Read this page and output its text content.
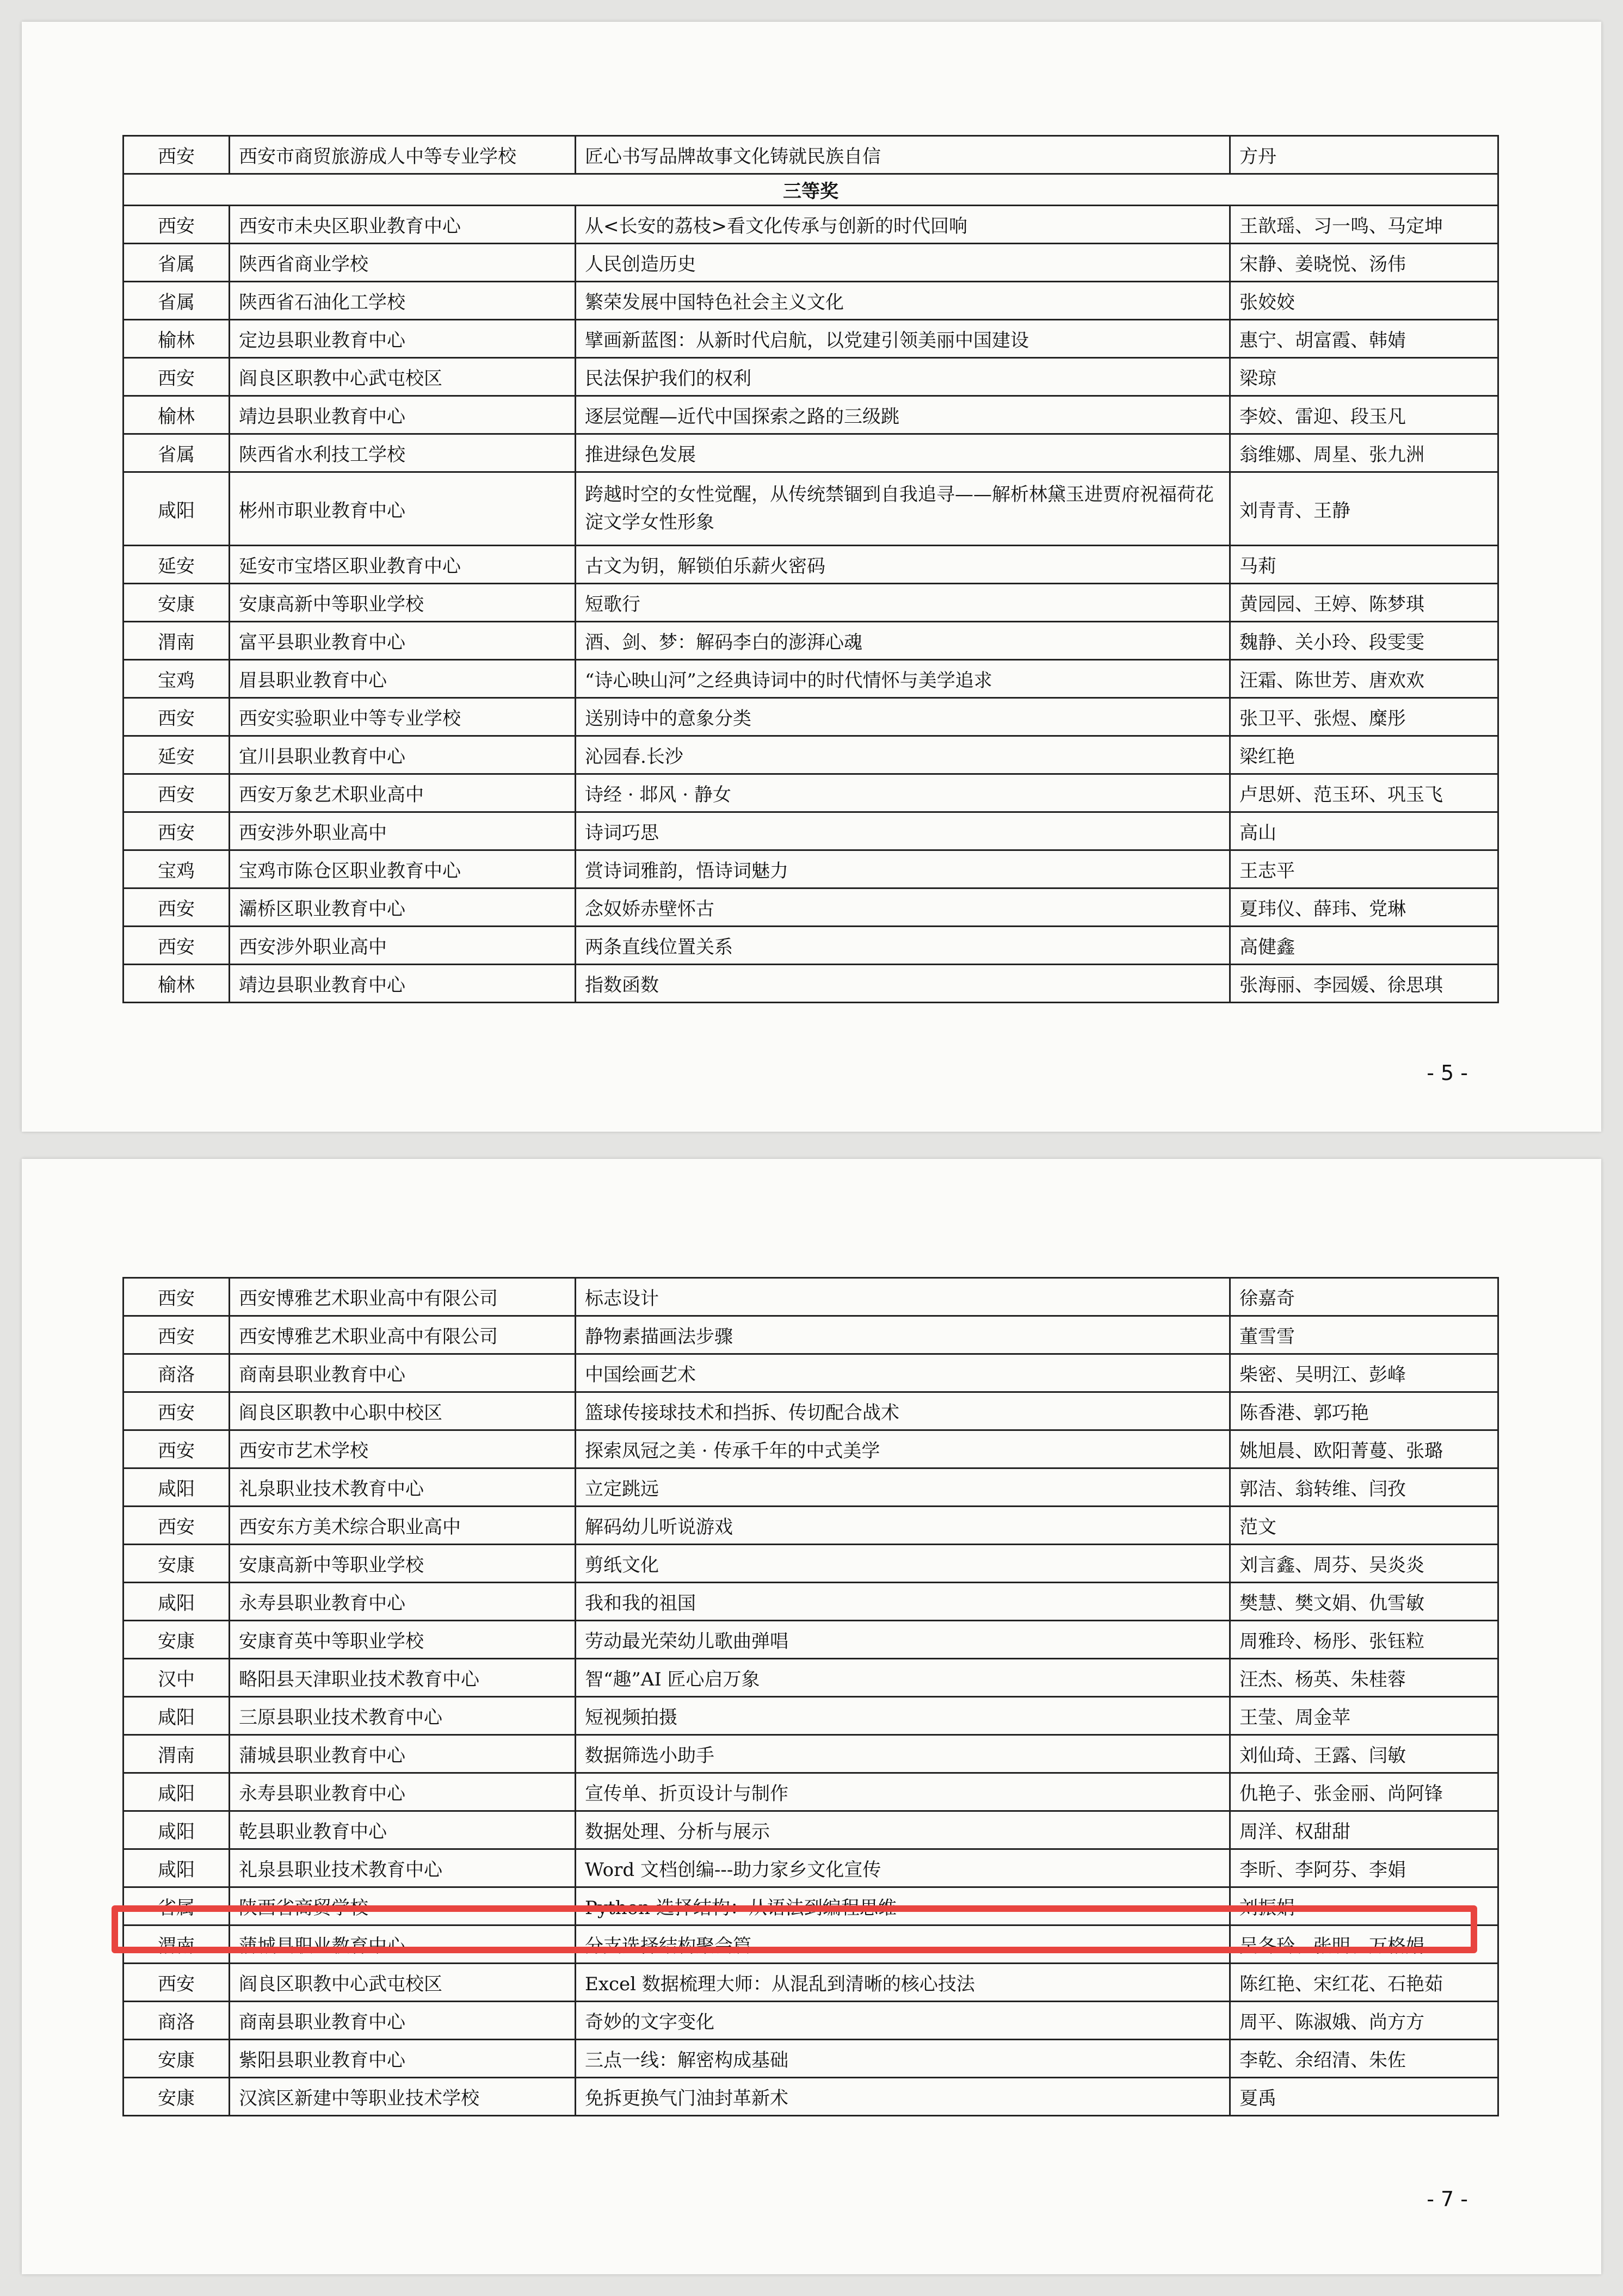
西安	西安市商贸旅游成人中等专业学校	匠心书写品牌故事文化铸就民族自信	方丹
三等奖			
西安	西安市未央区职业教育中心	从<长安的荔枝>看文化传承与创新的时代回响	王歆瑶、习一鸣、马定坤
省属	陕西省商业学校	人民创造历史	宋静、姜晓悦、汤伟
省属	陕西省石油化工学校	繁荣发展中国特色社会主义文化	张姣姣
榆林	定边县职业教育中心	擘画新蓝图：从新时代启航，以党建引领美丽中国建设	惠宁、胡富霞、韩婧
西安	阎良区职教中心武屯校区	民法保护我们的权利	梁琼
榆林	靖边县职业教育中心	逐层觉醒—近代中国探索之路的三级跳	李姣、雷迎、段玉凡
省属	陕西省水利技工学校	推进绿色发展	翁维娜、周星、张九洲
咸阳	彬州市职业教育中心	跨越时空的女性觉醒，从传统禁锢到自我追寻——解析林黛玉进贾府祝福荷花淀文学女性形象	刘青青、王静
延安	延安市宝塔区职业教育中心	古文为钥，解锁伯乐薪火密码	马莉
安康	安康高新中等职业学校	短歌行	黄园园、王婷、陈梦琪
渭南	富平县职业教育中心	酒、剑、梦：解码李白的澎湃心魂	魏静、关小玲、段雯雯
宝鸡	眉县职业教育中心	“诗心映山河”之经典诗词中的时代情怀与美学追求	汪霜、陈世芳、唐欢欢
西安	西安实验职业中等专业学校	送别诗中的意象分类	张卫平、张煜、糜彤
延安	宜川县职业教育中心	沁园春.长沙	梁红艳
西安	西安万象艺术职业高中	诗经 · 邶风 · 静女	卢思妍、范玉环、巩玉飞
西安	西安涉外职业高中	诗词巧思	高山
宝鸡	宝鸡市陈仓区职业教育中心	赏诗词雅韵，悟诗词魅力	王志平
西安	灞桥区职业教育中心	念奴娇赤壁怀古	夏玮仪、薛玮、党琳
西安	西安涉外职业高中	两条直线位置关系	高健鑫
榆林	靖边县职业教育中心	指数函数	张海丽、李园媛、徐思琪
- 5 -
西安	西安博雅艺术职业高中有限公司	标志设计	徐嘉奇
西安	西安博雅艺术职业高中有限公司	静物素描画法步骤	董雪雪
商洛	商南县职业教育中心	中国绘画艺术	柴密、吴明江、彭峰
西安	阎良区职教中心职中校区	篮球传接球技术和挡拆、传切配合战术	陈香港、郭巧艳
西安	西安市艺术学校	探索凤冠之美 · 传承千年的中式美学	姚旭晨、欧阳菁蔓、张璐
咸阳	礼泉职业技术教育中心	立定跳远	郭洁、翁转维、闫孜
西安	西安东方美术综合职业高中	解码幼儿听说游戏	范文
安康	安康高新中等职业学校	剪纸文化	刘言鑫、周芬、吴炎炎
咸阳	永寿县职业教育中心	我和我的祖国	樊慧、樊文娟、仇雪敏
安康	安康育英中等职业学校	劳动最光荣幼儿歌曲弹唱	周雅玲、杨彤、张钰粒
汉中	略阳县天津职业技术教育中心	智“趣”AI 匠心启万象	汪杰、杨英、朱桂蓉
咸阳	三原县职业技术教育中心	短视频拍摄	王莹、周金苹
渭南	蒲城县职业教育中心	数据筛选小助手	刘仙琦、王露、闫敏
咸阳	永寿县职业教育中心	宣传单、折页设计与制作	仇艳子、张金丽、尚阿锋
咸阳	乾县职业教育中心	数据处理、分析与展示	周洋、权甜甜
咸阳	礼泉县职业技术教育中心	Word 文档创编---助力家乡文化宣传	李昕、李阿芬、李娟
省属	陕西省商贸学校	Python 选择结构：从语法到编程思维	刘振娟
渭南	蒲城县职业教育中心	分支选择结构聚会篇	吴冬玲、张明、万格娟
西安	阎良区职教中心武屯校区	Excel 数据梳理大师：从混乱到清晰的核心技法	陈红艳、宋红花、石艳茹
商洛	商南县职业教育中心	奇妙的文字变化	周平、陈淑娥、尚方方
安康	紫阳县职业教育中心	三点一线：解密构成基础	李乾、余绍清、朱佐
安康	汉滨区新建中等职业技术学校	免拆更换气门油封革新术	夏禹
- 7 -
